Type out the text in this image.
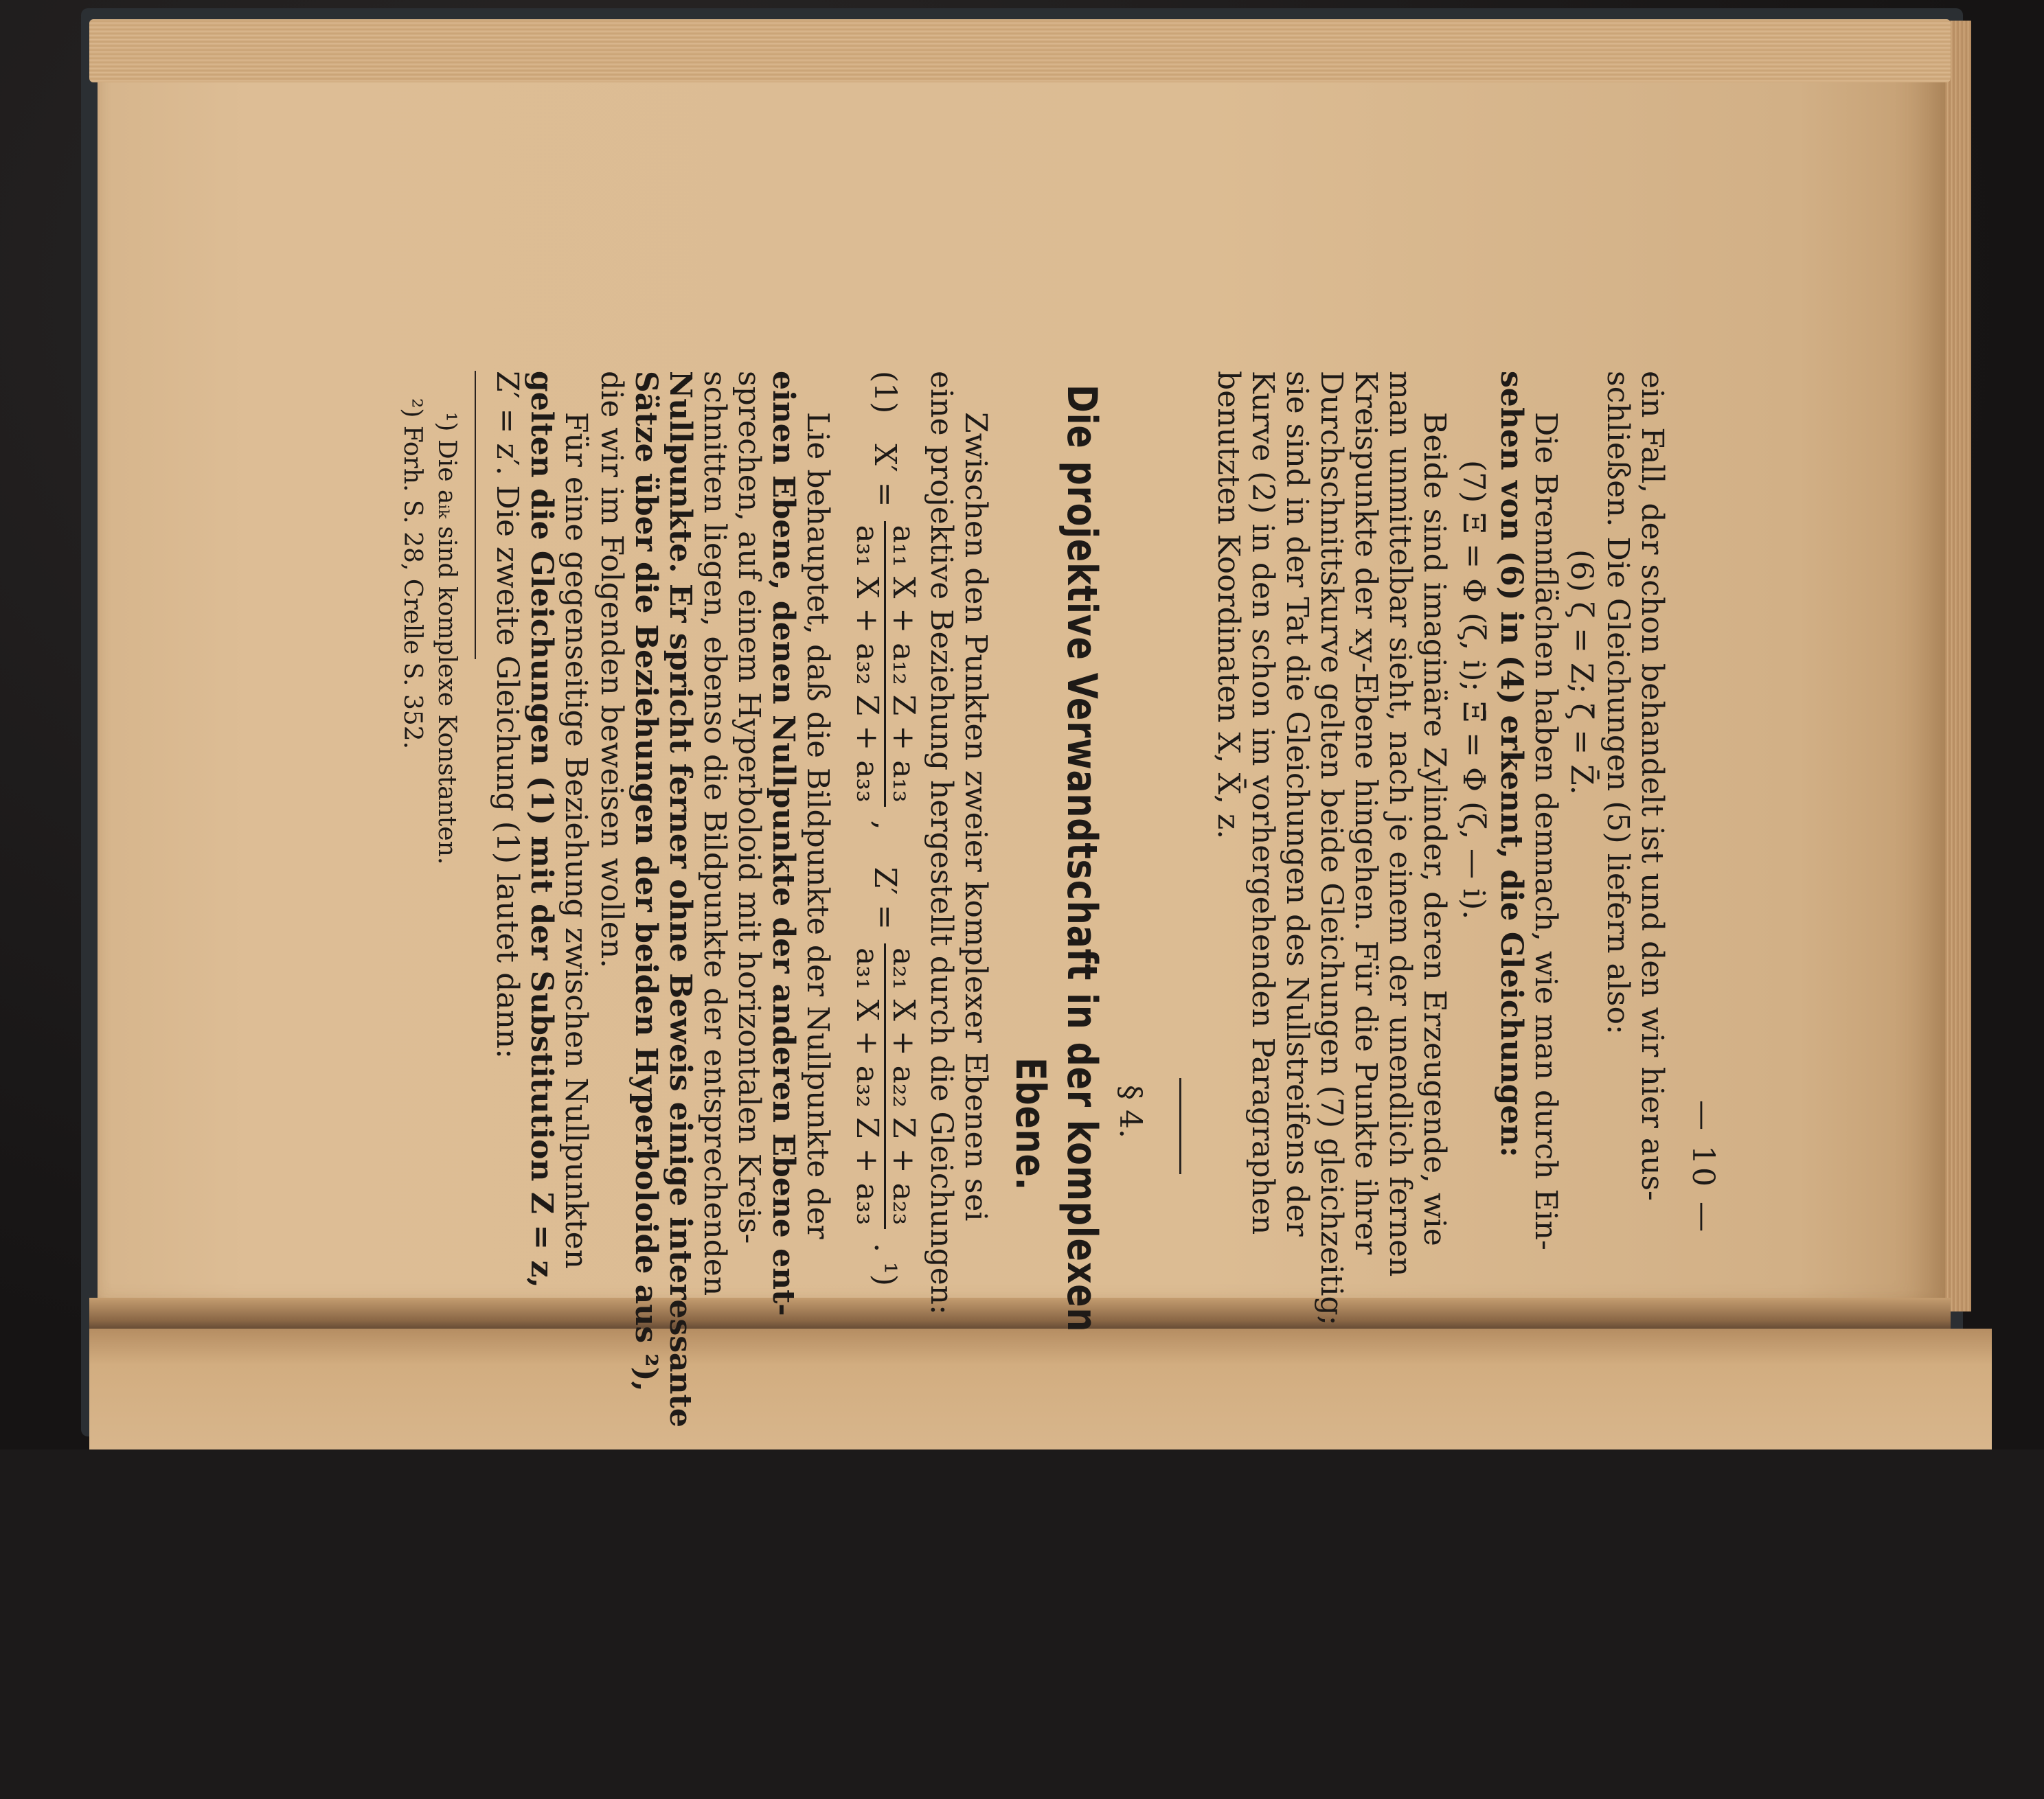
— 10 —
ein Fall, der schon behandelt ist und den wir hier aus-
schließen. Die Gleichungen (5) liefern also:
(6) ζ = Z; ζ̄ = Z̄.
Die Brennflächen haben demnach, wie man durch Ein-
sehen von (6) in (4) erkennt, die Gleichungen:
(7) Ξ = Φ (ζ, i); Ξ̄ = Φ (ζ, — i).
Beide sind imaginäre Zylinder, deren Erzeugende, wie
man unmittelbar sieht, nach je einem der unendlich fernen
Kreispunkte der xy-Ebene hingehen. Für die Punkte ihrer
Durchschnittskurve gelten beide Gleichungen (7) gleichzeitig;
sie sind in der Tat die Gleichungen des Nullstreifens der
Kurve (2) in den schon im vorhergehenden Paragraphen
benutzten Koordinaten X, X̄, z.
§ 4.
Die projektive Verwandtschaft in der komplexen
Ebene.
Zwischen den Punkten zweier komplexer Ebenen sei
eine projektive Beziehung hergestellt durch die Gleichungen:
(1) X′ =
a₁₁ X + a₁₂ Z + a₁₃
a₃₁ X + a₃₂ Z + a₃₃
, Z′ =
a₂₁ X + a₂₂ Z + a₂₃
a₃₁ X + a₃₂ Z + a₃₃
. ¹)
Lie behauptet, daß die Bildpunkte der Nullpunkte der
einen Ebene, denen Nullpunkte der anderen Ebene ent-
sprechen, auf einem Hyperboloid mit horizontalen Kreis-
schnitten liegen, ebenso die Bildpunkte der entsprechenden
Nullpunkte. Er spricht ferner ohne Beweis einige interessante
Sätze über die Beziehungen der beiden Hyperboloide aus ²),
die wir im Folgenden beweisen wollen.
Für eine gegenseitige Beziehung zwischen Nullpunkten
gelten die Gleichungen (1) mit der Substitution Z = z,
Z′ = z′. Die zweite Gleichung (1) lautet dann:
¹) Die aᵢₖ sind komplexe Konstanten.
²) Forh. S. 28, Crelle S. 352.
